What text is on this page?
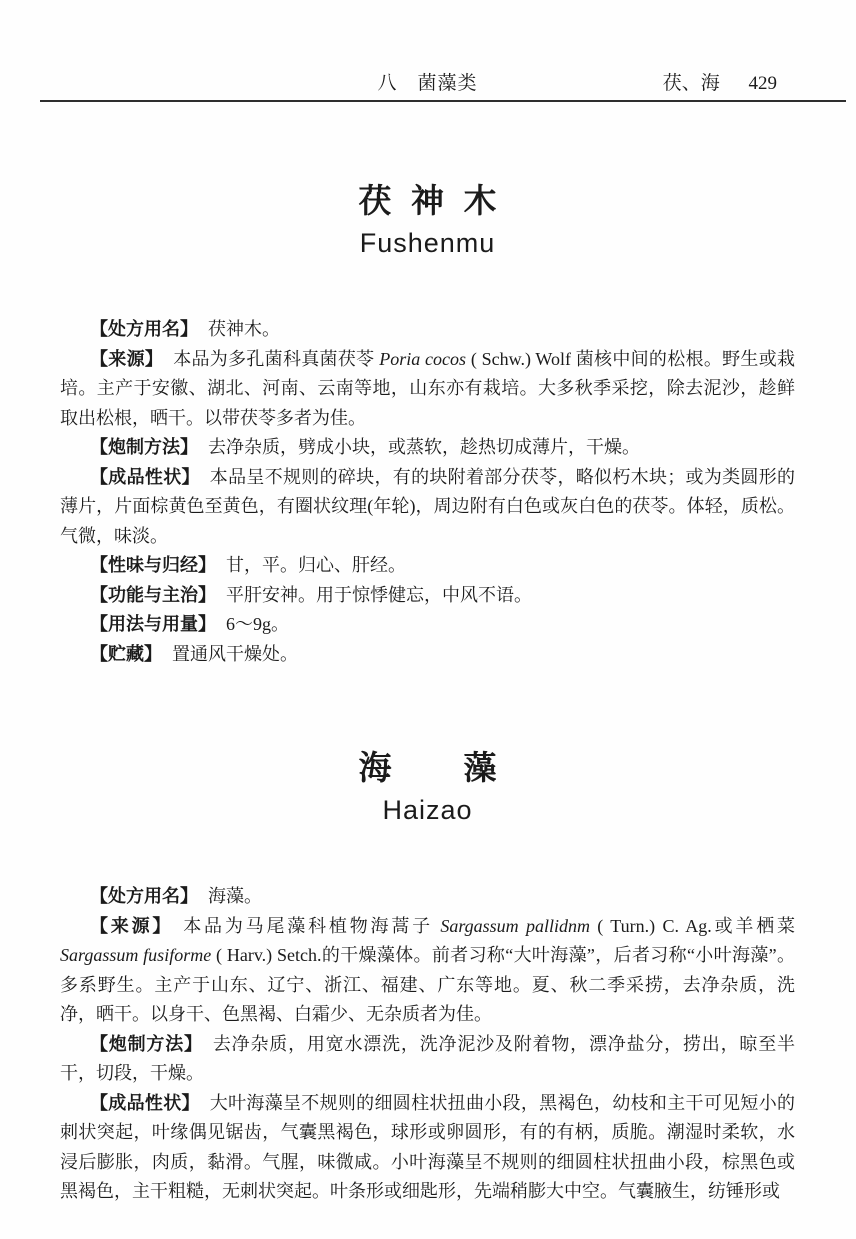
八　菌藻类	茯、海 429
茯 神 木
Fushenmu

【处方用名】 茯神木。

【来源】 本品为多孔菌科真菌茯苓 Poria cocos ( Schw.) Wolf 菌核中间的松根。野生或栽培。主产于安徽、湖北、河南、云南等地，山东亦有栽培。大多秋季采挖，除去泥沙，趁鲜取出松根，晒干。以带茯苓多者为佳。

【炮制方法】 去净杂质，劈成小块，或蒸软，趁热切成薄片，干燥。

【成品性状】 本品呈不规则的碎块，有的块附着部分茯苓，略似朽木块；或为类圆形的薄片，片面棕黄色至黄色，有圈状纹理(年轮)，周边附有白色或灰白色的茯苓。体轻，质松。气微，味淡。

【性味与归经】 甘，平。归心、肝经。

【功能与主治】 平肝安神。用于惊悸健忘，中风不语。

【用法与用量】 6～9g。

【贮藏】 置通风干燥处。

海 藻
Haizao

【处方用名】 海藻。

【来源】 本品为马尾藻科植物海蒿子 Sargassum pallidnm ( Turn.) C. Ag.或羊栖菜 Sargassum fusiforme ( Harv.) Setch.的干燥藻体。前者习称“大叶海藻”，后者习称“小叶海藻”。多系野生。主产于山东、辽宁、浙江、福建、广东等地。夏、秋二季采捞，去净杂质，洗净，晒干。以身干、色黑褐、白霜少、无杂质者为佳。

【炮制方法】 去净杂质，用宽水漂洗，洗净泥沙及附着物，漂净盐分，捞出，晾至半干，切段，干燥。

【成品性状】 大叶海藻呈不规则的细圆柱状扭曲小段，黑褐色，幼枝和主干可见短小的刺状突起，叶缘偶见锯齿，气囊黑褐色，球形或卵圆形，有的有柄，质脆。潮湿时柔软，水浸后膨胀，肉质，黏滑。气腥，味微咸。小叶海藻呈不规则的细圆柱状扭曲小段，棕黑色或黑褐色，主干粗糙，无刺状突起。叶条形或细匙形，先端稍膨大中空。气囊腋生，纺锤形或
